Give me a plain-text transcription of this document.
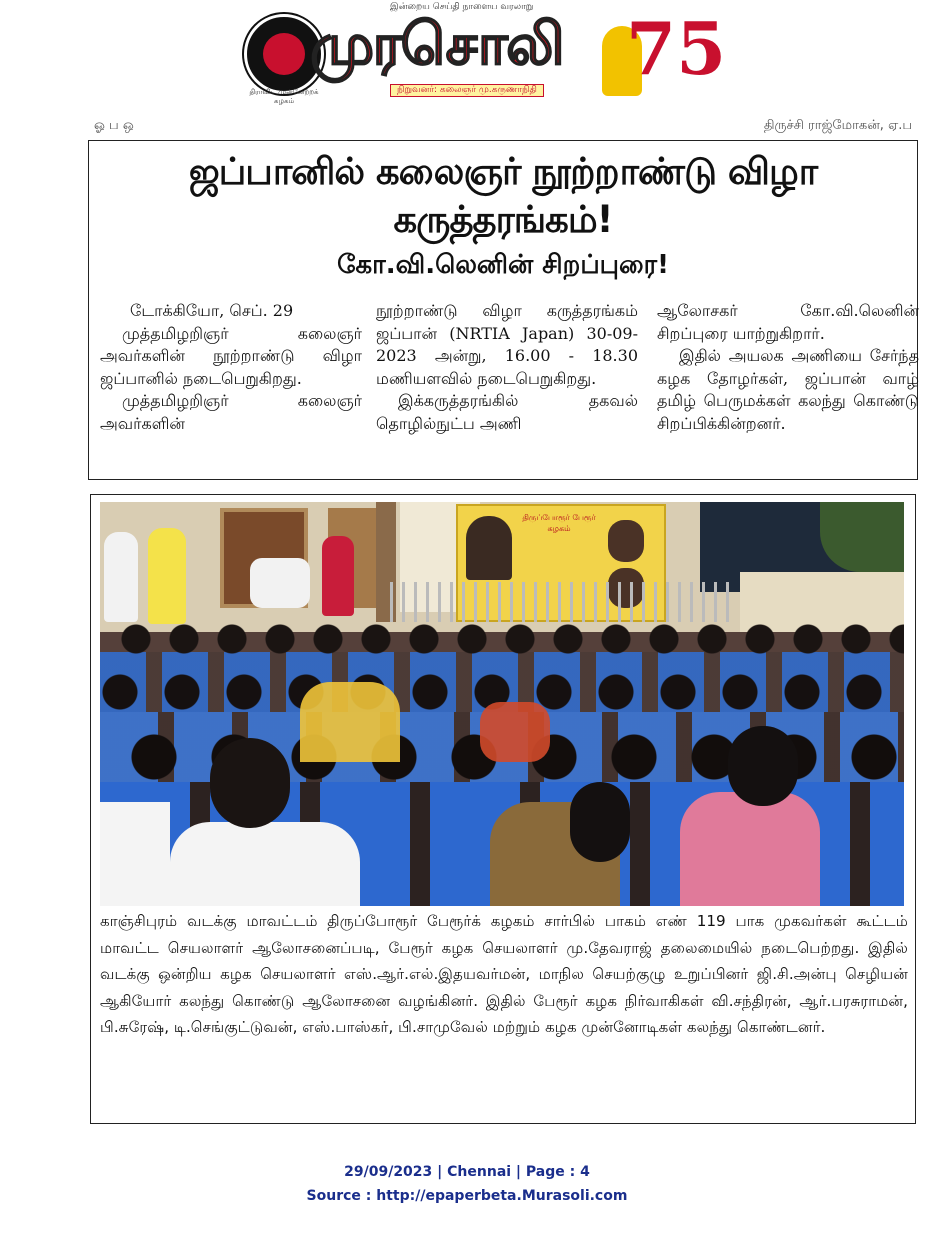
இன்றைய செய்தி நாளைய வரலாறு
திராவிட முன்னேற்றக் கழகம்
முரசொலி
நிறுவனர்: கலைஞர் மு.கருணாநிதி 75
ஓ ப ஒ	திருச்சி ராஜ்மோகன், ஏ.ப
ஜப்பானில் கலைஞர் நூற்றாண்டு விழா கருத்தரங்கம்!
கோ.வி.லெனின் சிறப்புரை!

டோக்கியோ, செப். 29

முத்தமிழறிஞர் கலைஞர் அவர்களின் நூற்றாண்டு விழா ஜப்பானில் நடைபெறுகிறது.

முத்தமிழறிஞர் கலைஞர் அவர்களின்

நூற்றாண்டு விழா கருத்தரங்கம் ஜப்பான் (NRTIA Japan) 30-09-2023 அன்று, 16.00 - 18.30 மணியளவில் நடைபெறுகிறது.

இக்கருத்தரங்கில் தகவல் தொழில்நுட்ப அணி

ஆலோசகர் கோ.வி.லெனின் சிறப்புரை யாற்றுகிறார்.

இதில் அயலக அணியை சேர்ந்த கழக தோழர்கள், ஜப்பான் வாழ் தமிழ் பெருமக்கள் கலந்து கொண்டு சிறப்பிக்கின்றனர்.

திருப்போரூர் பேரூர் கழகம்
காஞ்சிபுரம் வடக்கு மாவட்டம் திருப்போரூர் பேரூர்க் கழகம் சார்பில் பாகம் எண் 119 பாக முகவர்கள் கூட்டம் மாவட்ட செயலாளர் ஆலோசனைப்படி, பேரூர் கழக செயலாளர் மு.தேவராஜ் தலைமையில் நடைபெற்றது. இதில் வடக்கு ஒன்றிய கழக செயலாளர் எஸ்.ஆர்.எல்.இதயவர்மன், மாநில செயற்குழு உறுப்பினர் ஜி.சி.அன்பு செழியன் ஆகியோர் கலந்து கொண்டு ஆலோசனை வழங்கினர். இதில் பேரூர் கழக நிர்வாகிகள் வி.சந்திரன், ஆர்.பரசுராமன், பி.சுரேஷ், டி.செங்குட்டுவன், எஸ்.பாஸ்கர், பி.சாமுவேல் மற்றும் கழக முன்னோடிகள் கலந்து கொண்டனர்.
29/09/2023 | Chennai | Page : 4
Source : http://epaperbeta.Murasoli.com
